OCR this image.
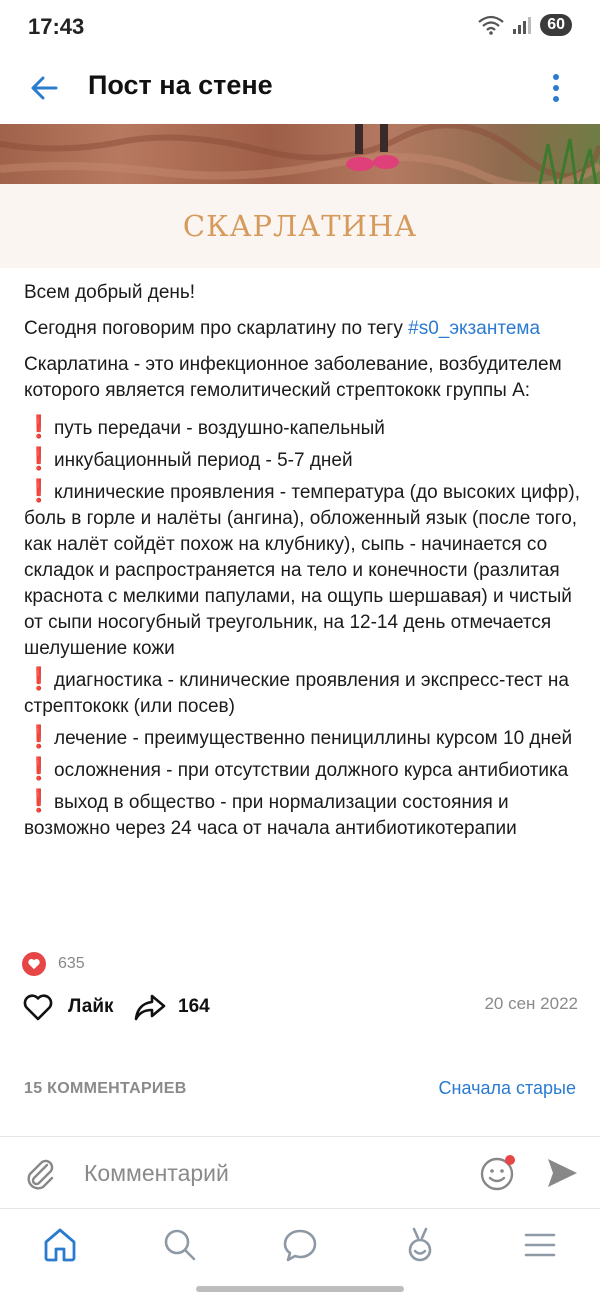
17:43	60
Пост на стене
СКАРЛАТИНА

Всем добрый день!

Сегодня поговорим про скарлатину по тегу #s0_экзантема

Скарлатина - это инфекционное заболевание, возбудителем которого является гемолитический стрептококк группы А:

❗путь передачи - воздушно-капельный
❗инкубационный период - 5-7 дней
❗клинические проявления - температура (до высоких цифр), боль в горле и налёты (ангина), обложенный язык (после того, как налёт сойдёт похож на клубнику), сыпь - начинается со складок и распространяется на тело и конечности (разлитая краснота с мелкими папулами, на ощупь шершавая) и чистый от сыпи носогубный треугольник, на 12-14 день отмечается шелушение кожи
❗диагностика - клинические проявления и экспресс-тест на стрептококк (или посев)
❗лечение - преимущественно пенициллины курсом 10 дней
❗осложнения - при отсутствии должного курса антибиотика
❗выход в общество - при нормализации состояния и возможно через 24 часа от начала антибиотикотерапии
635
Лайк	164	20 сен 2022
15 КОММЕНТАРИЕВ	Сначала старые
Комментарий
